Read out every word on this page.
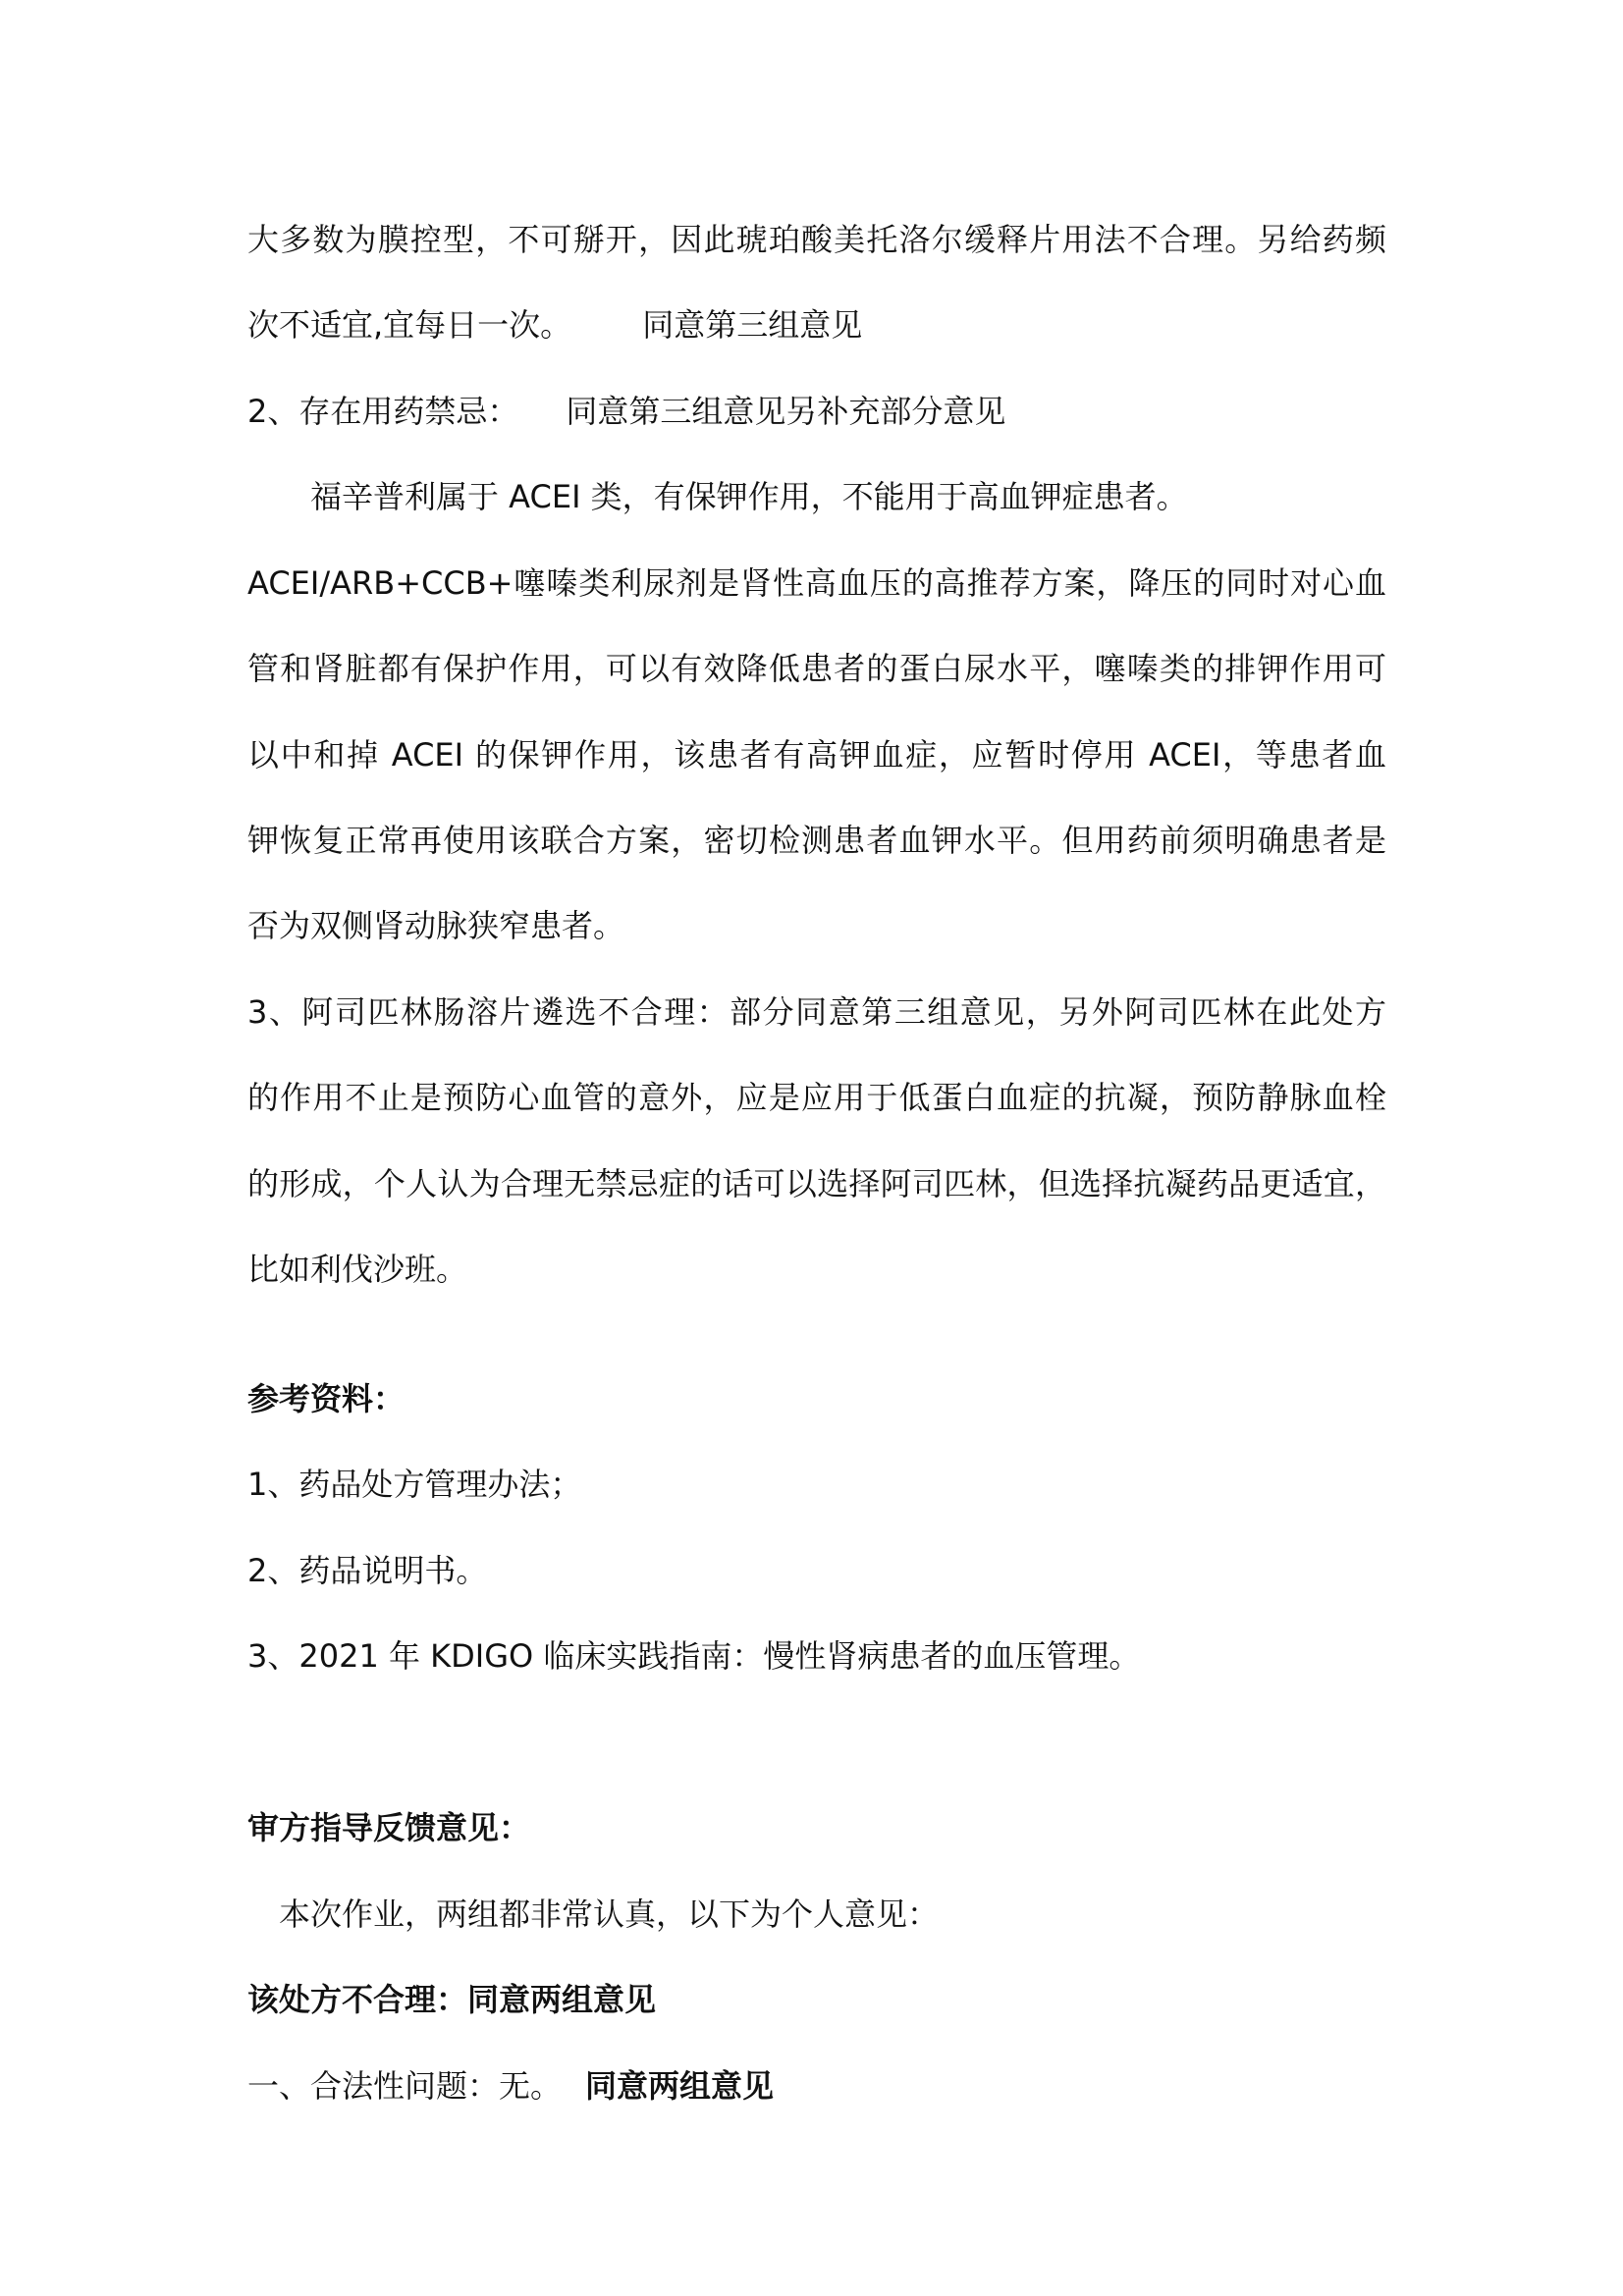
大多数为膜控型，不可掰开，因此琥珀酸美托洛尔缓释片用法不合理。另给药频
次不适宜,宜每日一次。 同意第三组意见
2、存在用药禁忌： 同意第三组意见另补充部分意见
福辛普利属于 ACEI 类，有保钾作用，不能用于高血钾症患者。
ACEI/ARB+CCB+噻嗪类利尿剂是肾性高血压的高推荐方案，降压的同时对心血
管和肾脏都有保护作用，可以有效降低患者的蛋白尿水平，噻嗪类的排钾作用可
以中和掉 ACEI 的保钾作用，该患者有高钾血症，应暂时停用 ACEI，等患者血
钾恢复正常再使用该联合方案，密切检测患者血钾水平。但用药前须明确患者是
否为双侧肾动脉狭窄患者。
3、阿司匹林肠溶片遴选不合理：部分同意第三组意见，另外阿司匹林在此处方
的作用不止是预防心血管的意外，应是应用于低蛋白血症的抗凝，预防静脉血栓
的形成，个人认为合理无禁忌症的话可以选择阿司匹林，但选择抗凝药品更适宜，
比如利伐沙班。
参考资料：
1、药品处方管理办法；
2、药品说明书。
3、2021 年 KDIGO 临床实践指南：慢性肾病患者的血压管理。
审方指导反馈意见：
本次作业，两组都非常认真，以下为个人意见：
该处方不合理：同意两组意见
一、合法性问题：无。 同意两组意见
